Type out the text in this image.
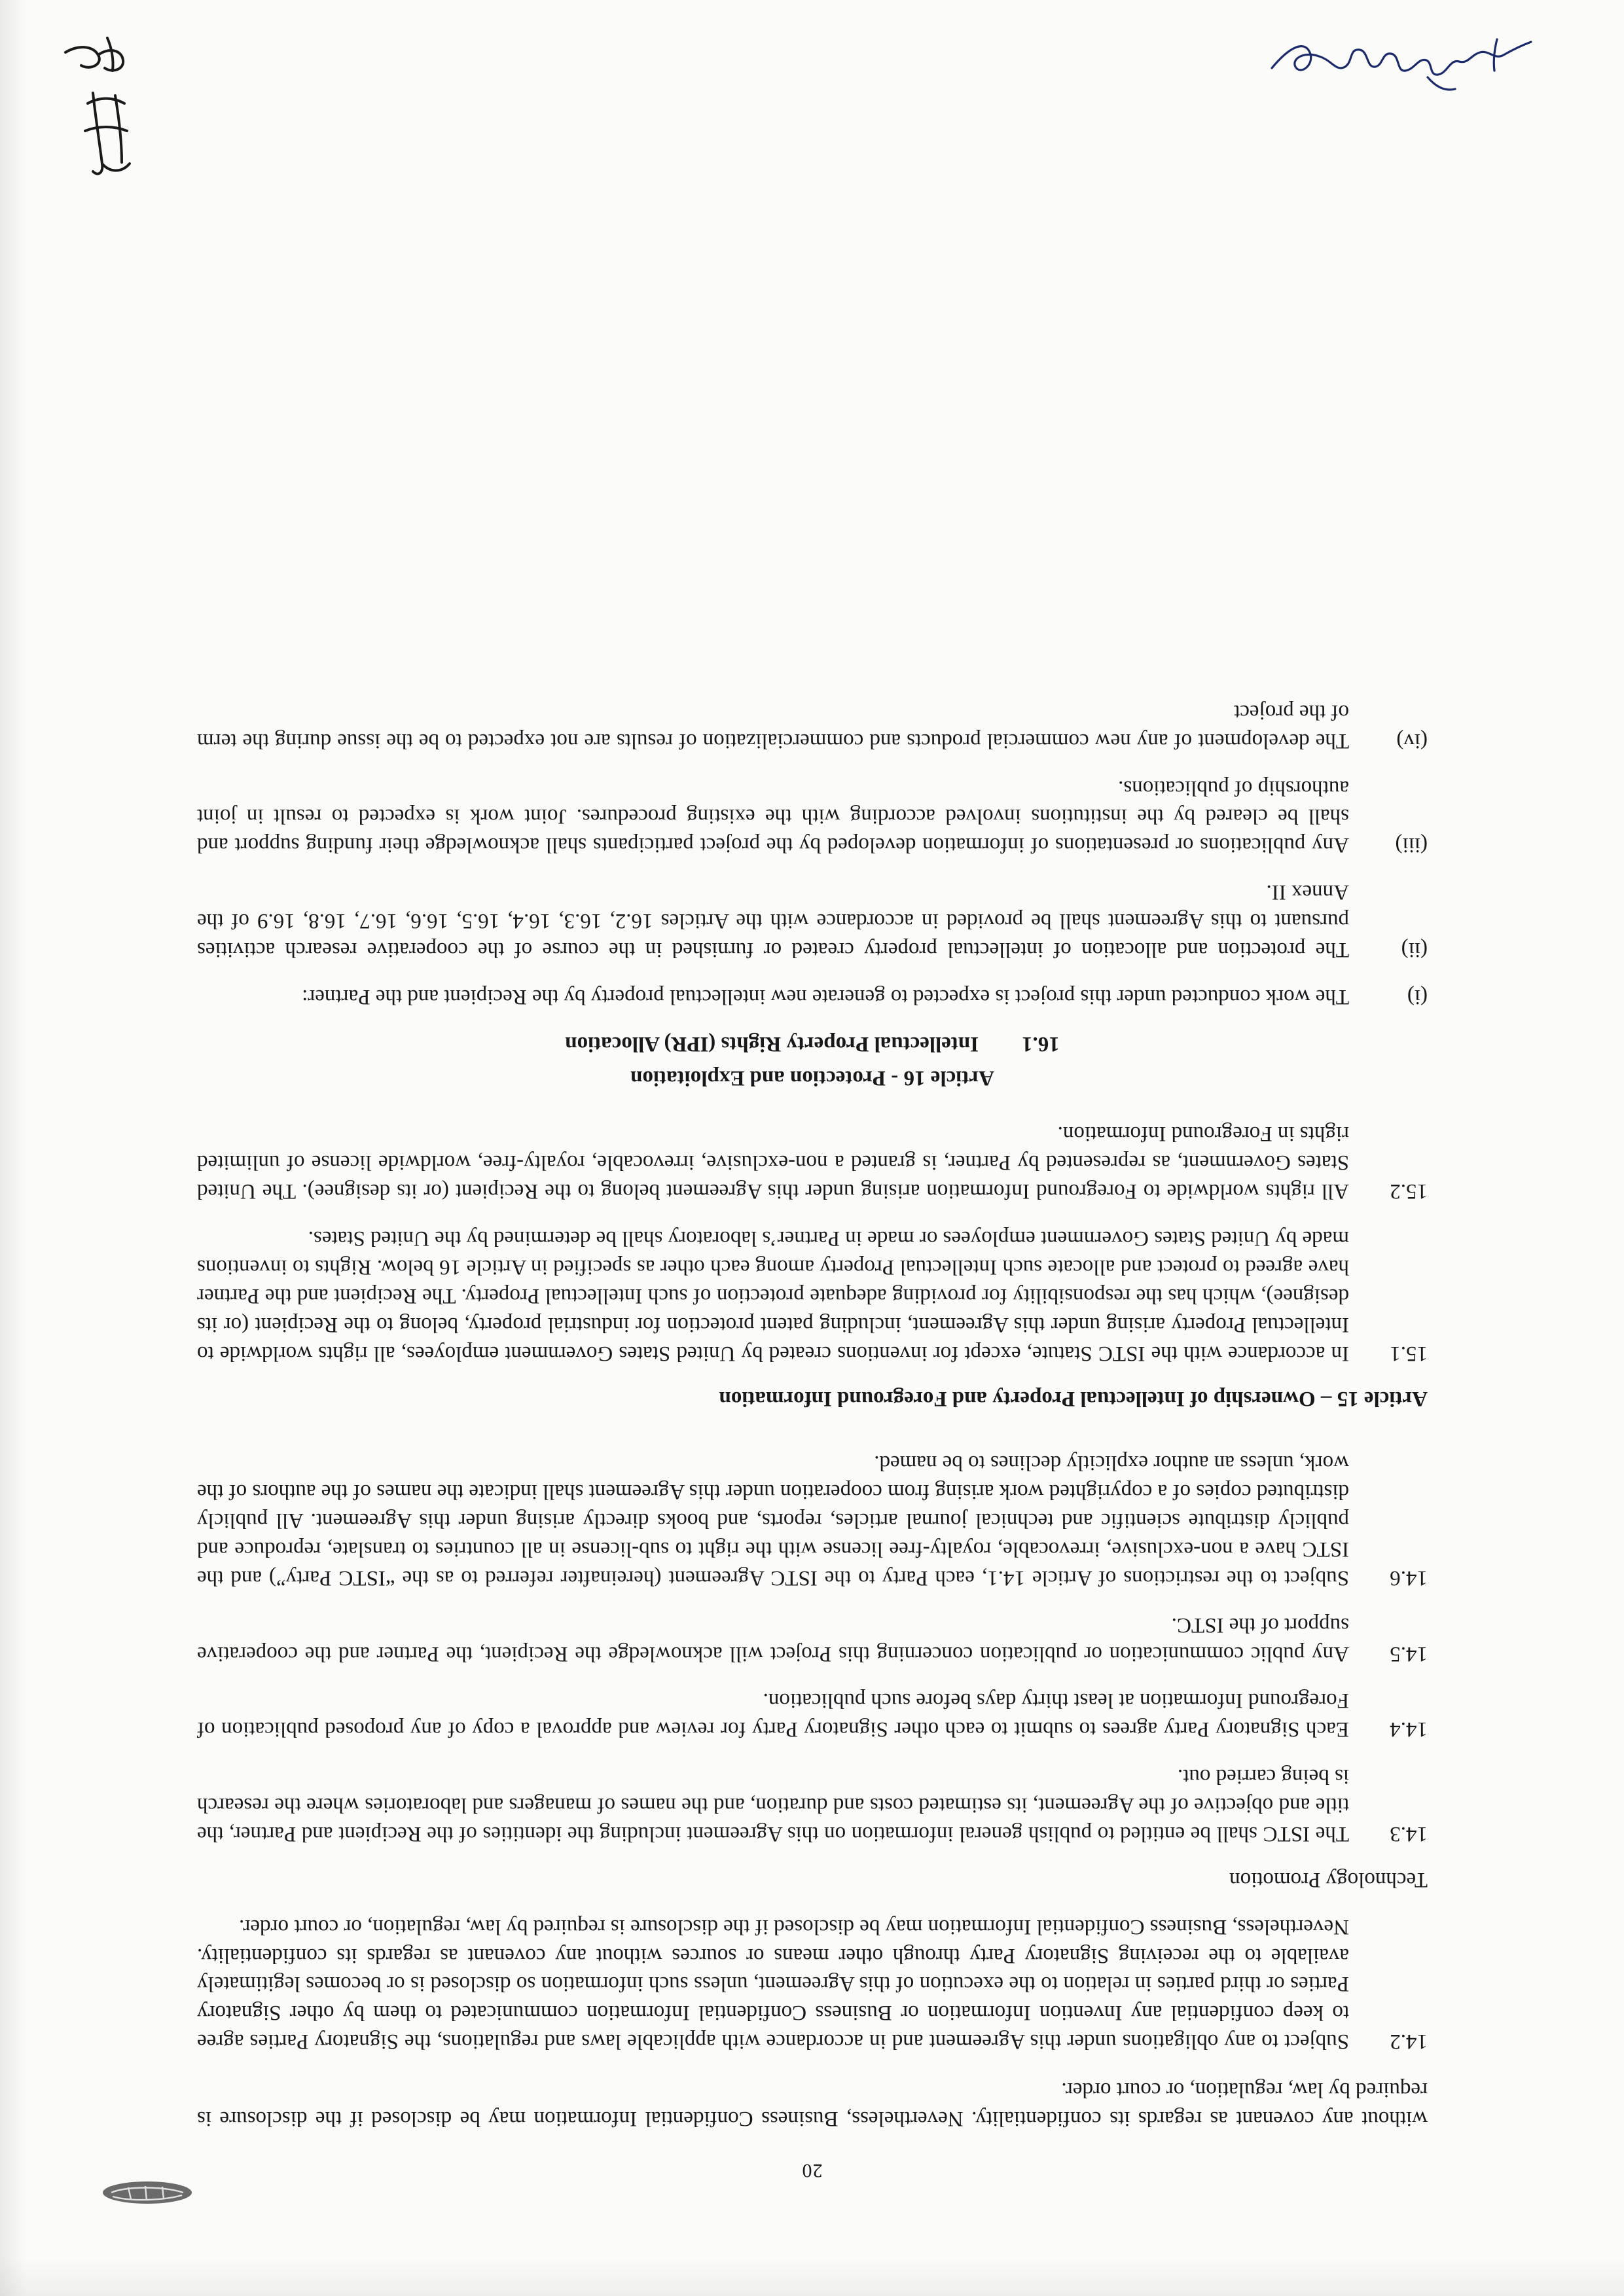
20

without any covenant as regards its confidentiality. Nevertheless, Business Confidential Information may be disclosed if the disclosure is required by law, regulation, or court order.

14.2Subject to any obligations under this Agreement and in accordance with applicable laws and regulations, the Signatory Parties agree to keep confidential any Invention Information or Business Confidential Information communicated to them by other Signatory Parties or third parties in relation to the execution of this Agreement, unless such information so disclosed is or becomes legitimately available to the receiving Signatory Party through other means or sources without any covenant as regards its confidentiality. Nevertheless, Business Confidential Information may be disclosed if the disclosure is required by law, regulation, or court order.

Technology Promotion

14.3The ISTC shall be entitled to publish general information on this Agreement including the identities of the Recipient and Partner, the title and objective of the Agreement, its estimated costs and duration, and the names of managers and laboratories where the research is being carried out.

14.4Each Signatory Party agrees to submit to each other Signatory Party for review and approval a copy of any proposed publication of Foreground Information at least thirty days before such publication.

14.5Any public communication or publication concerning this Project will acknowledge the Recipient, the Partner and the cooperative support of the ISTC.

14.6Subject to the restrictions of Article 14.1, each Party to the ISTC Agreement (hereinafter referred to as the “ISTC Party”) and the ISTC have a non-exclusive, irrevocable, royalty-free license with the right to sub-license in all countries to translate, reproduce and publicly distribute scientific and technical journal articles, reports, and books directly arising under this Agreement. All publicly distributed copies of a copyrighted work arising from cooperation under this Agreement shall indicate the names of the authors of the work, unless an author explicitly declines to be named.

Article 15 – Ownership of Intellectual Property and Foreground Information

15.1In accordance with the ISTC Statute, except for inventions created by United States Government employees, all rights worldwide to Intellectual Property arising under this Agreement, including patent protection for industrial property, belong to the Recipient (or its designee), which has the responsibility for providing adequate protection of such Intellectual Property. The Recipient and the Partner have agreed to protect and allocate such Intellectual Property among each other as specified in Article 16 below. Rights to inventions made by United States Government employees or made in Partner’s laboratory shall be determined by the United States.

15.2All rights worldwide to Foreground Information arising under this Agreement belong to the Recipient (or its designee). The United States Government, as represented by Partner, is granted a non-exclusive, irrevocable, royalty-free, worldwide license of unlimited rights in Foreground Information.

Article 16 - Protection and Exploitation

16.1  Intellectual Property Rights (IPR) Allocation

(i)The work conducted under this project is expected to generate new intellectual property by the Recipient and the Partner:

(ii)The protection and allocation of intellectual property created or furnished in the course of the cooperative research activities pursuant to this Agreement shall be provided in accordance with the Articles 16.2, 16.3, 16.4, 16.5, 16.6, 16.7, 16.8, 16.9 of the Annex II.

(iii)Any publications or presentations of information developed by the project participants shall acknowledge their funding support and shall be cleared by the institutions involved according with the existing procedures. Joint work is expected to result in joint authorship of publications.

(iv)The development of any new commercial products and commercialization of results are not expected to be the issue during the term of the project
